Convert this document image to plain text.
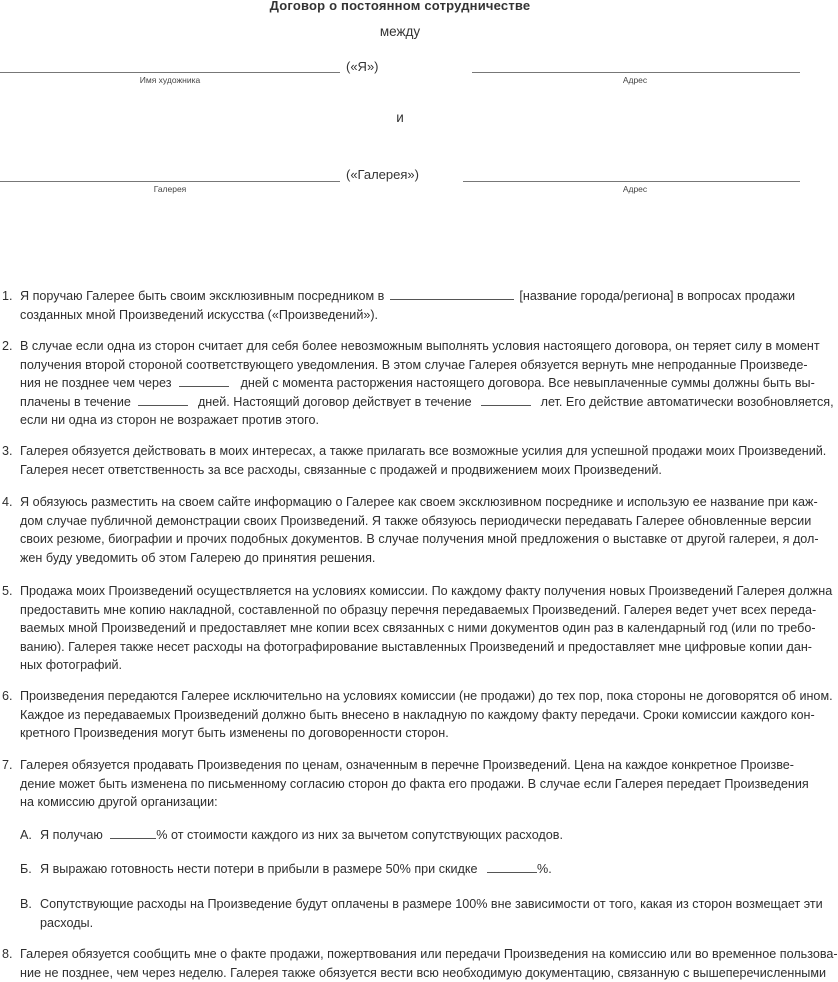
Договор о постоянном сотрудничестве
между
(«Я»)
Имя художника	Адрес
и
(«Галерея»)
Галерея	Адрес
1. Я поручаю Галерее быть своим эксклюзивным посредником в	[название города/региона] в вопросах продажи
созданных мной Произведений искусства («Произведений»).
2. В случае если одна из сторон считает для себя более невозможным выполнять условия настоящего договора, он теряет силу в момент
получения второй стороной соответствующего уведомления. В этом случае Галерея обязуется вернуть мне непроданные Произведе-
ния не позднее чем через	дней с момента расторжения настоящего договора. Все невыплаченные суммы должны быть вы-
плачены в течение	дней. Настоящий договор действует в течение	лет. Его действие автоматически возобновляется,
если ни одна из сторон не возражает против этого.
3. Галерея обязуется действовать в моих интересах, а также прилагать все возможные усилия для успешной продажи моих Произведений.
Галерея несет ответственность за все расходы, связанные с продажей и продвижением моих Произведений.
4. Я обязуюсь разместить на своем сайте информацию о Галерее как своем эксклюзивном посреднике и использую ее название при каж-
дом случае публичной демонстрации своих Произведений. Я также обязуюсь периодически передавать Галерее обновленные версии
своих резюме, биографии и прочих подобных документов. В случае получения мной предложения о выставке от другой галереи, я дол-
жен буду уведомить об этом Галерею до принятия решения.
5. Продажа моих Произведений осуществляется на условиях комиссии. По каждому факту получения новых Произведений Галерея должна
предоставить мне копию накладной, составленной по образцу перечня передаваемых Произведений. Галерея ведет учет всех переда-
ваемых мной Произведений и предоставляет мне копии всех связанных с ними документов один раз в календарный год (или по требо-
ванию). Галерея также несет расходы на фотографирование выставленных Произведений и предоставляет мне цифровые копии дан-
ных фотографий.
6. Произведения передаются Галерее исключительно на условиях комиссии (не продажи) до тех пор, пока стороны не договорятся об ином.
Каждое из передаваемых Произведений должно быть внесено в накладную по каждому факту передачи. Сроки комиссии каждого кон-
кретного Произведения могут быть изменены по договоренности сторон.
7. Галерея обязуется продавать Произведения по ценам, означенным в перечне Произведений. Цена на каждое конкретное Произве-
дение может быть изменена по письменному согласию сторон до факта его продажи. В случае если Галерея передает Произведения
на комиссию другой организации:
А. Я получаю	% от стоимости каждого из них за вычетом сопутствующих расходов.
Б. Я выражаю готовность нести потери в прибыли в размере 50% при скидке	%.
В. Сопутствующие расходы на Произведение будут оплачены в размере 100% вне зависимости от того, какая из сторон возмещает эти
расходы.
8. Галерея обязуется сообщить мне о факте продажи, пожертвования или передачи Произведения на комиссию или во временное пользова-
ние не позднее, чем через неделю. Галерея также обязуется вести всю необходимую документацию, связанную с вышеперечисленными
